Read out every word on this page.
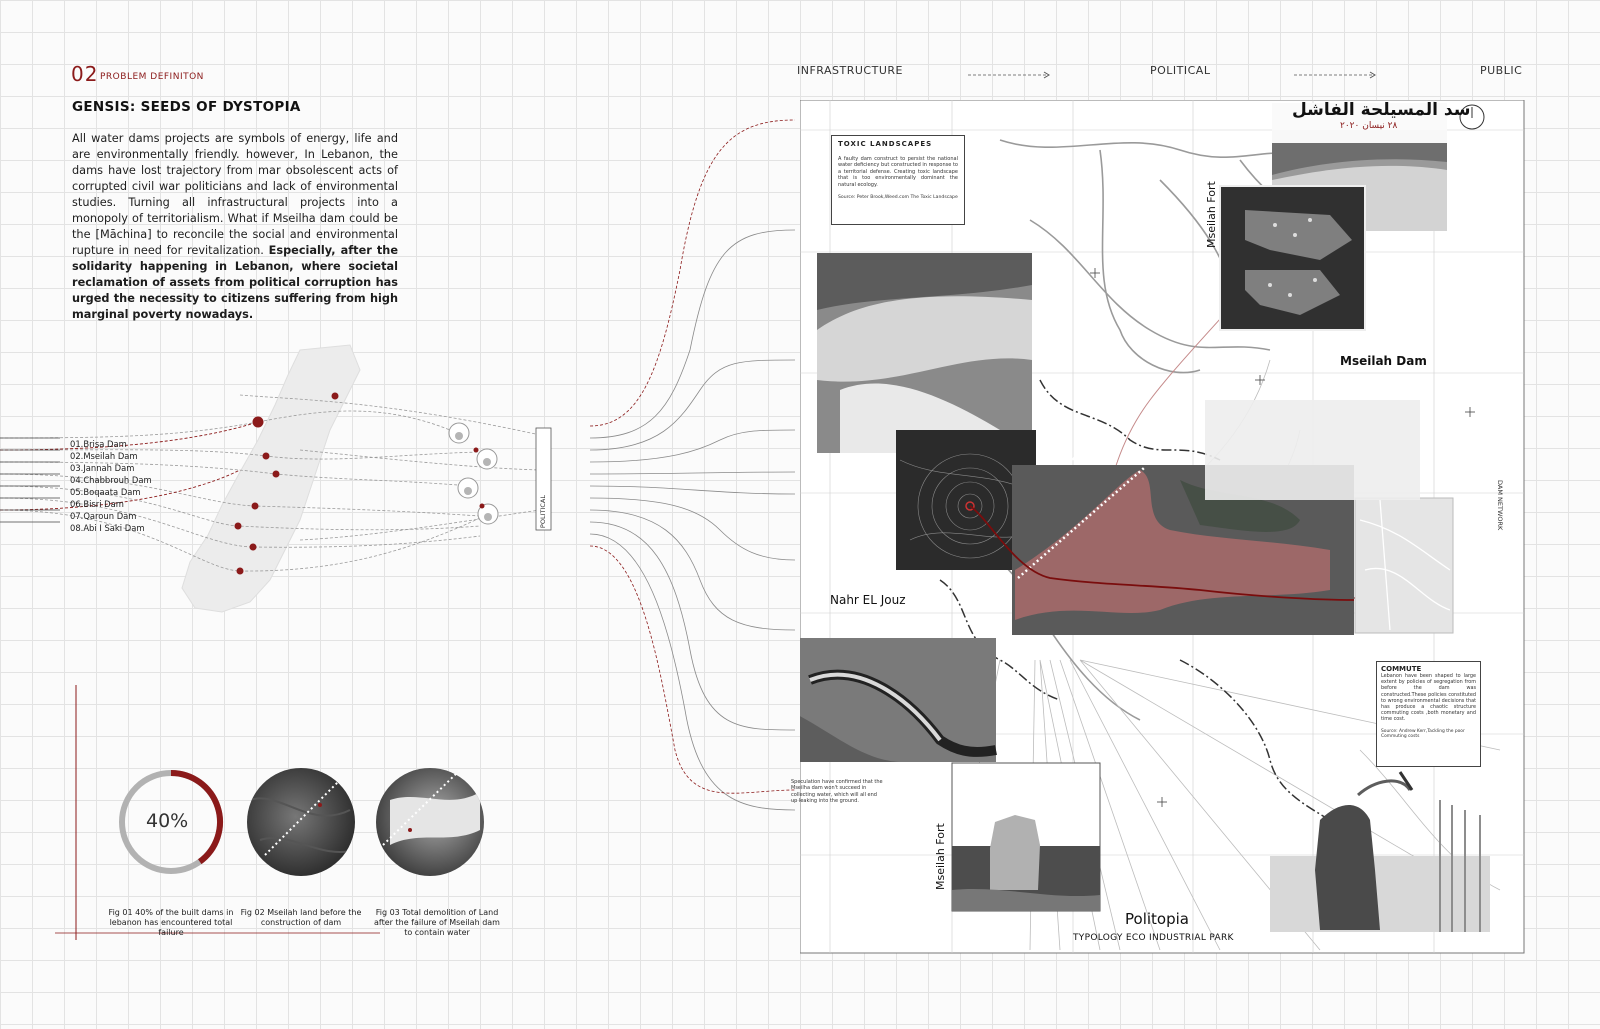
02 PROBLEM DEFINITON
GENSIS: SEEDS OF DYSTOPIA
All water dams projects are symbols of energy, life and are environmentally friendly. however, In Lebanon, the dams have lost trajectory from mar obsolescent acts of corrupted civil war politicians and lack of environmental studies. Turning all infrastructural projects into a monopoly of territorialism. What if Mseilha dam could be the [Māchina] to reconcile the social and environmental rupture in need for revitalization. Especially, after the solidarity happening in Lebanon, where societal reclamation of assets from political corruption has urged the necessity to citizens suffering from high marginal poverty nowadays.
POLITICAL
01.Brisa Dam
02.Mseilah Dam
03.Jannah Dam
04.Chabbrouh Dam
05.Boqaata Dam
06.Bisri Dam
07.Qaroun Dam
08.Abi I Saki Dam
40%
Fig 01 40% of the built dams in lebanon has encountered total failure
Fig 02 Mseilah land before the construction of dam
Fig 03 Total demolition of Land after the failure of Mseilah dam to contain water
INFRASTRUCTURE	POLITICAL	PUBLIC
TOXIC LANDSCAPES
A faulty dam construct to persist the national water deficiency but constructed in response to a territorial defense. Creating toxic landscape that is too environmentally dominant the natural ecology.
Source: Peter Brook,Weed.com The Toxic Landscape
سد المسيلحة الفاشل
٢٨ نيسان ٢٠٢٠
Mseilah Fort
Mseilah Dam
400mx 35m
Nahr EL Jouz
DAM NETWORK
Speculation have confirmed that the Mseilha dam won't succeed in collecting water, which will all end up leaking into the ground.
COMMUTE
Lebanon have been shaped to large extent by policies of segregation from before the dam was constructed.These policies constituted to wrong environmental decisions that has produce a chaotic structure commuting costs ,both monetary and time cost.
Source: Andrew Kerr,Tackling the poor Commuting costs
Mseilah Fort
Politopia
TYPOLOGY ECO INDUSTRIAL PARK
